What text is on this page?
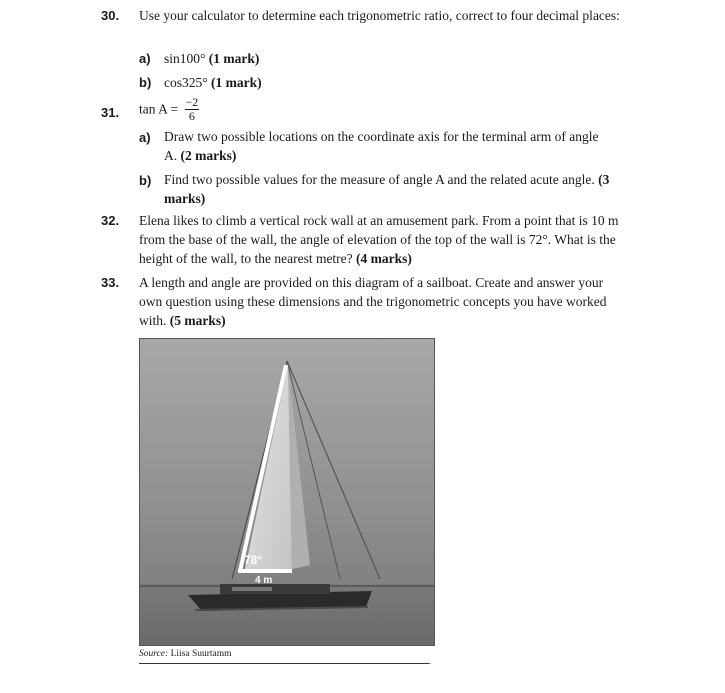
30. Use your calculator to determine each trigonometric ratio, correct to four decimal places:
a) sin100° (1 mark)
b) cos325° (1 mark)
31. $\tan A = \frac{-2}{6}$
a) Draw two possible locations on the coordinate axis for the terminal arm of angle A. (2 marks)
b) Find two possible values for the measure of angle A and the related acute angle. (3 marks)
32. Elena likes to climb a vertical rock wall at an amusement park. From a point that is 10 m from the base of the wall, the angle of elevation of the top of the wall is 72°. What is the height of the wall, to the nearest metre? (4 marks)
33. A length and angle are provided on this diagram of a sailboat. Create and answer your own question using these dimensions and the trigonometric concepts you have worked with. (5 marks)
78°
4 m
Source: Liisa Suurtamm
